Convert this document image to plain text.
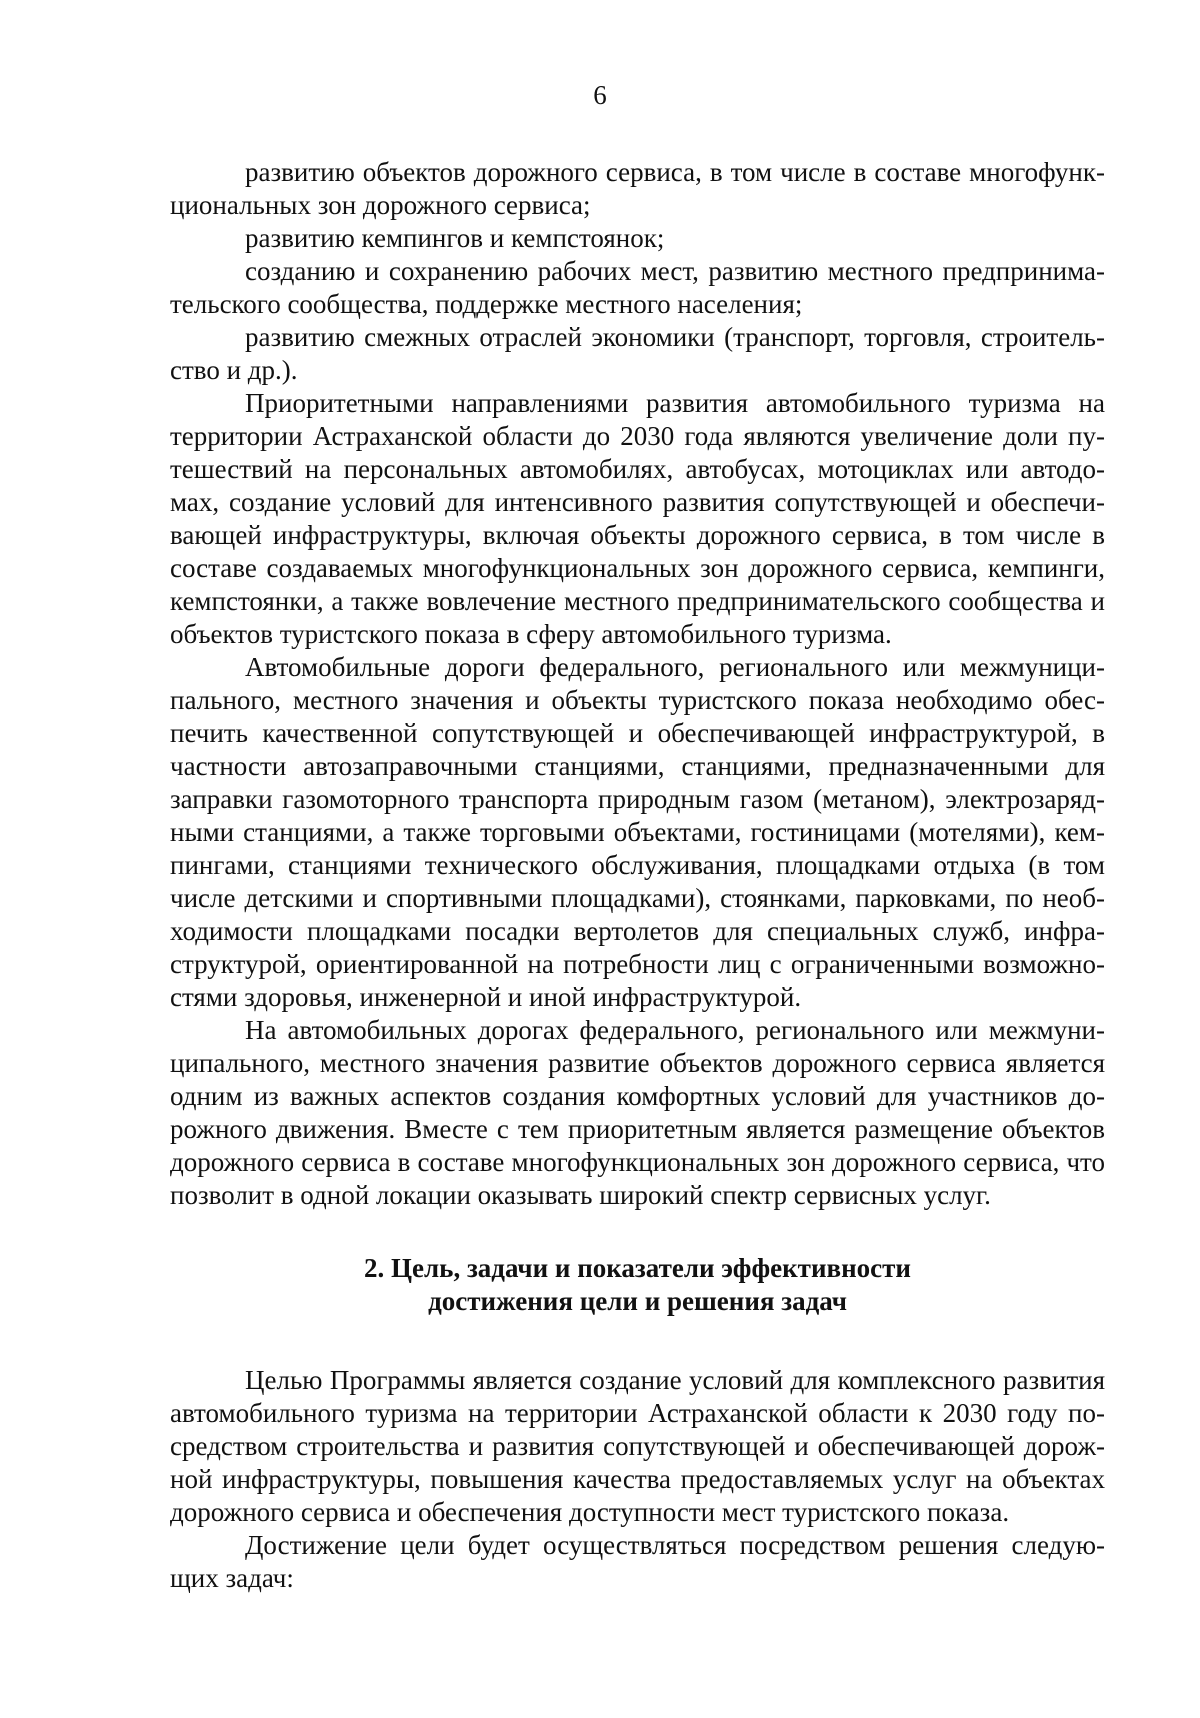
6

развитию объектов дорожного сервиса, в том числе в составе многофункциональных зон дорожного сервиса;

развитию кемпингов и кемпстоянок;

созданию и сохранению рабочих мест, развитию местного предпринимательского сообщества, поддержке местного населения;

развитию смежных отраслей экономики (транспорт, торговля, строительство и др.).

Приоритетными направлениями развития автомобильного туризма на территории Астраханской области до 2030 года являются увеличение доли путешествий на персональных автомобилях, автобусах, мотоциклах или автодомах, создание условий для интенсивного развития сопутствующей и обеспечивающей инфраструктуры, включая объекты дорожного сервиса, в том числе в составе создаваемых многофункциональных зон дорожного сервиса, кемпинги, кемпстоянки, а также вовлечение местного предпринимательского сообщества и объектов туристского показа в сферу автомобильного туризма.

Автомобильные дороги федерального, регионального или межмуниципального, местного значения и объекты туристского показа необходимо обеспечить качественной сопутствующей и обеспечивающей инфраструктурой, в частности автозаправочными станциями, станциями, предназначенными для заправки газомоторного транспорта природным газом (метаном), электрозарядными станциями, а также торговыми объектами, гостиницами (мотелями), кемпингами, станциями технического обслуживания, площадками отдыха (в том числе детскими и спортивными площадками), стоянками, парковками, по необходимости площадками посадки вертолетов для специальных служб, инфраструктурой, ориентированной на потребности лиц с ограниченными возможностями здоровья, инженерной и иной инфраструктурой.

На автомобильных дорогах федерального, регионального или межмуниципального, местного значения развитие объектов дорожного сервиса является одним из важных аспектов создания комфортных условий для участников дорожного движения. Вместе с тем приоритетным является размещение объектов дорожного сервиса в составе многофункциональных зон дорожного сервиса, что позволит в одной локации оказывать широкий спектр сервисных услуг.

2. Цель, задачи и показатели эффективности
достижения цели и решения задач

Целью Программы является создание условий для комплексного развития автомобильного туризма на территории Астраханской области к 2030 году посредством строительства и развития сопутствующей и обеспечивающей дорожной инфраструктуры, повышения качества предоставляемых услуг на объектах дорожного сервиса и обеспечения доступности мест туристского показа.

Достижение цели будет осуществляться посредством решения следующих задач:
